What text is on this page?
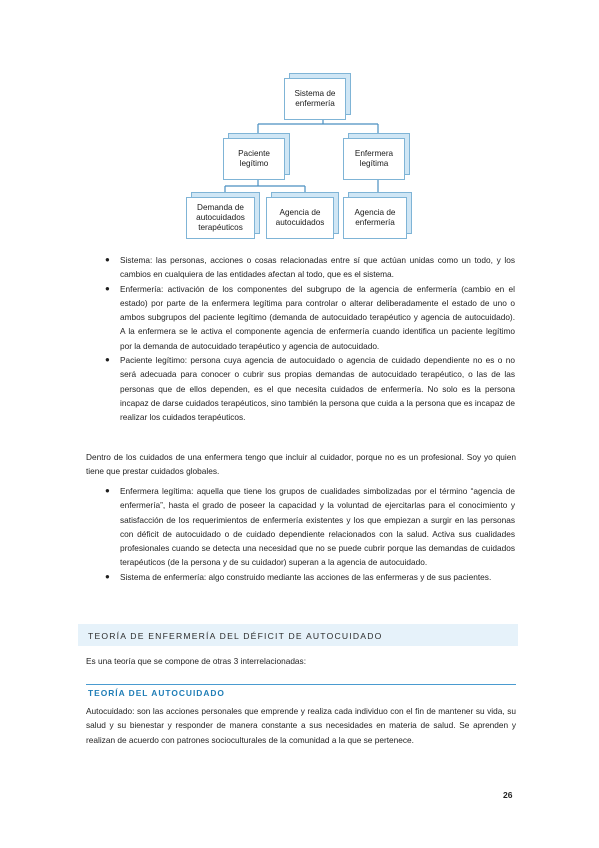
Sistema de enfermería
Paciente legítimo
Enfermera legítima
Demanda de autocuidados terapéuticos
Agencia de autocuidados
Agencia de enfermería
● Sistema: las personas, acciones o cosas relacionadas entre sí que actúan unidas como un todo, y los cambios en cualquiera de las entidades afectan al todo, que es el sistema.
● Enfermería: activación de los componentes del subgrupo de la agencia de enfermería (cambio en el estado) por parte de la enfermera legítima para controlar o alterar deliberadamente el estado de uno o ambos subgrupos del paciente legítimo (demanda de autocuidado terapéutico y agencia de autocuidado). A la enfermera se le activa el componente agencia de enfermería cuando identifica un paciente legítimo por la demanda de autocuidado terapéutico y agencia de autocuidado.
● Paciente legítimo: persona cuya agencia de autocuidado o agencia de cuidado dependiente no es o no será adecuada para conocer o cubrir sus propias demandas de autocuidado terapéutico, o las de las personas que de ellos dependen, es el que necesita cuidados de enfermería. No solo es la persona incapaz de darse cuidados terapéuticos, sino también la persona que cuida a la persona que es incapaz de realizar los cuidados terapéuticos.
Dentro de los cuidados de una enfermera tengo que incluir al cuidador, porque no es un profesional. Soy yo quien tiene que prestar cuidados globales.
● Enfermera legítima: aquella que tiene los grupos de cualidades simbolizadas por el término “agencia de enfermería”, hasta el grado de poseer la capacidad y la voluntad de ejercitarlas para el conocimiento y satisfacción de los requerimientos de enfermería existentes y los que empiezan a surgir en las personas con déficit de autocuidado o de cuidado dependiente relacionados con la salud. Activa sus cualidades profesionales cuando se detecta una necesidad que no se puede cubrir porque las demandas de cuidados terapéuticos (de la persona y de su cuidador) superan a la agencia de autocuidado.
● Sistema de enfermería: algo construido mediante las acciones de las enfermeras y de sus pacientes.
TEORÍA DE ENFERMERÍA DEL DÉFICIT DE AUTOCUIDADO
Es una teoría que se compone de otras 3 interrelacionadas:
TEORÍA DEL AUTOCUIDADO
Autocuidado: son las acciones personales que emprende y realiza cada individuo con el fin de mantener su vida, su salud y su bienestar y responder de manera constante a sus necesidades en materia de salud. Se aprenden y realizan de acuerdo con patrones socioculturales de la comunidad a la que se pertenece.
26
